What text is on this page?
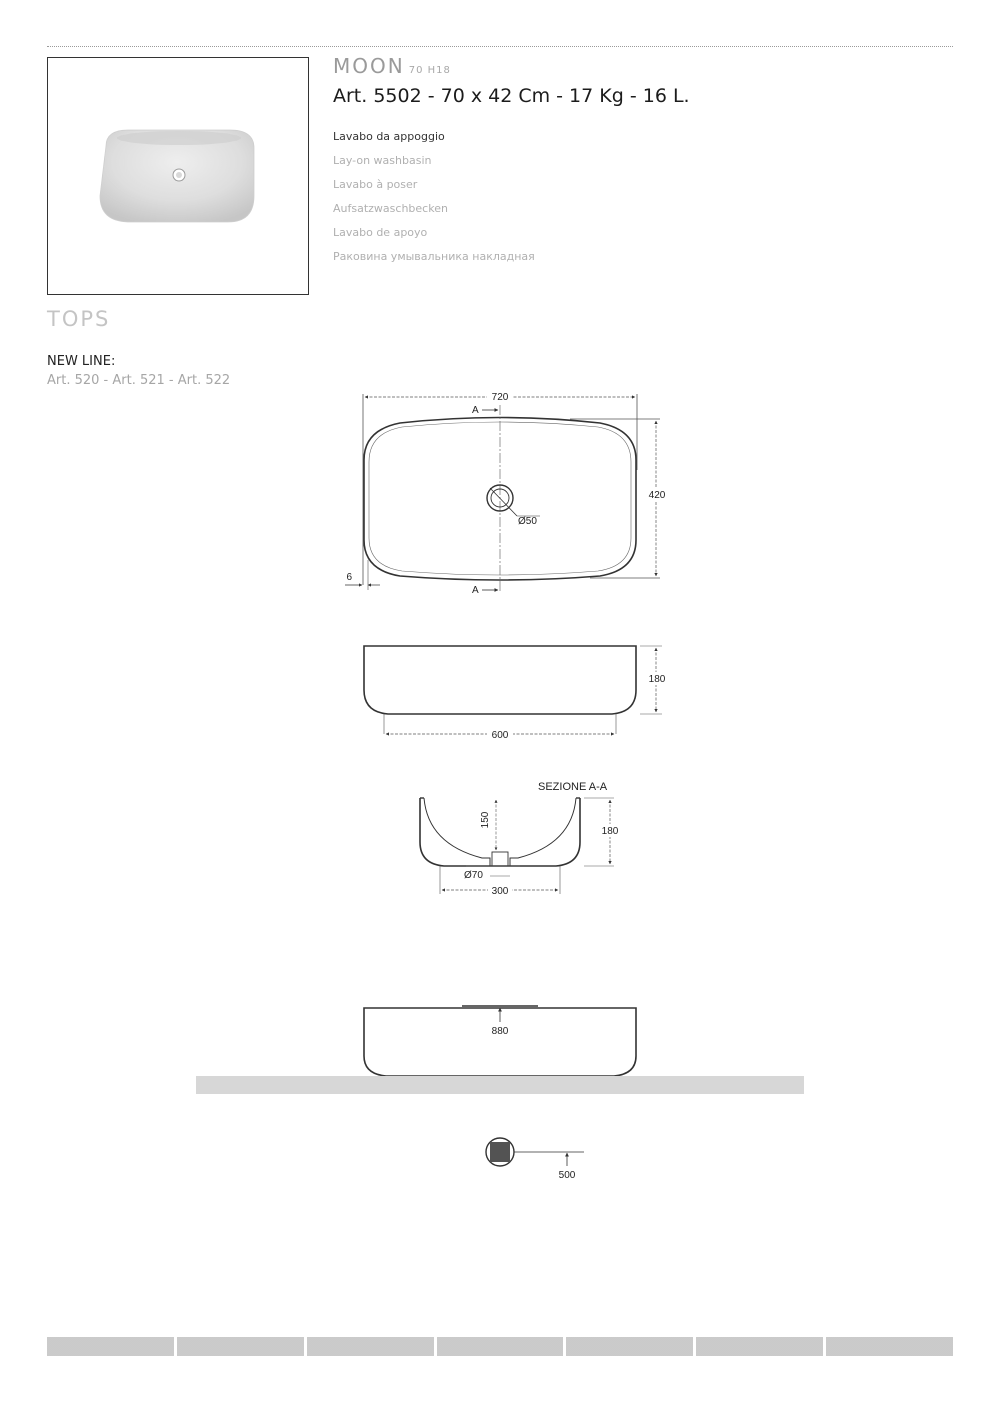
MOON 70 H18
Art. 5502 - 70 x 42 Cm - 17 Kg - 16 L.
Lavabo da appoggio
Lay-on washbasin
Lavabo à poser
Aufsatzwaschbecken
Lavabo de apoyo
Раковина умывальника накладная
TOPS
NEW LINE:
Art. 520 - Art. 521 - Art. 522
720
420
A
A
Ø50
6
600
180
SEZIONE A-A
150
180
Ø70
300
880
500
